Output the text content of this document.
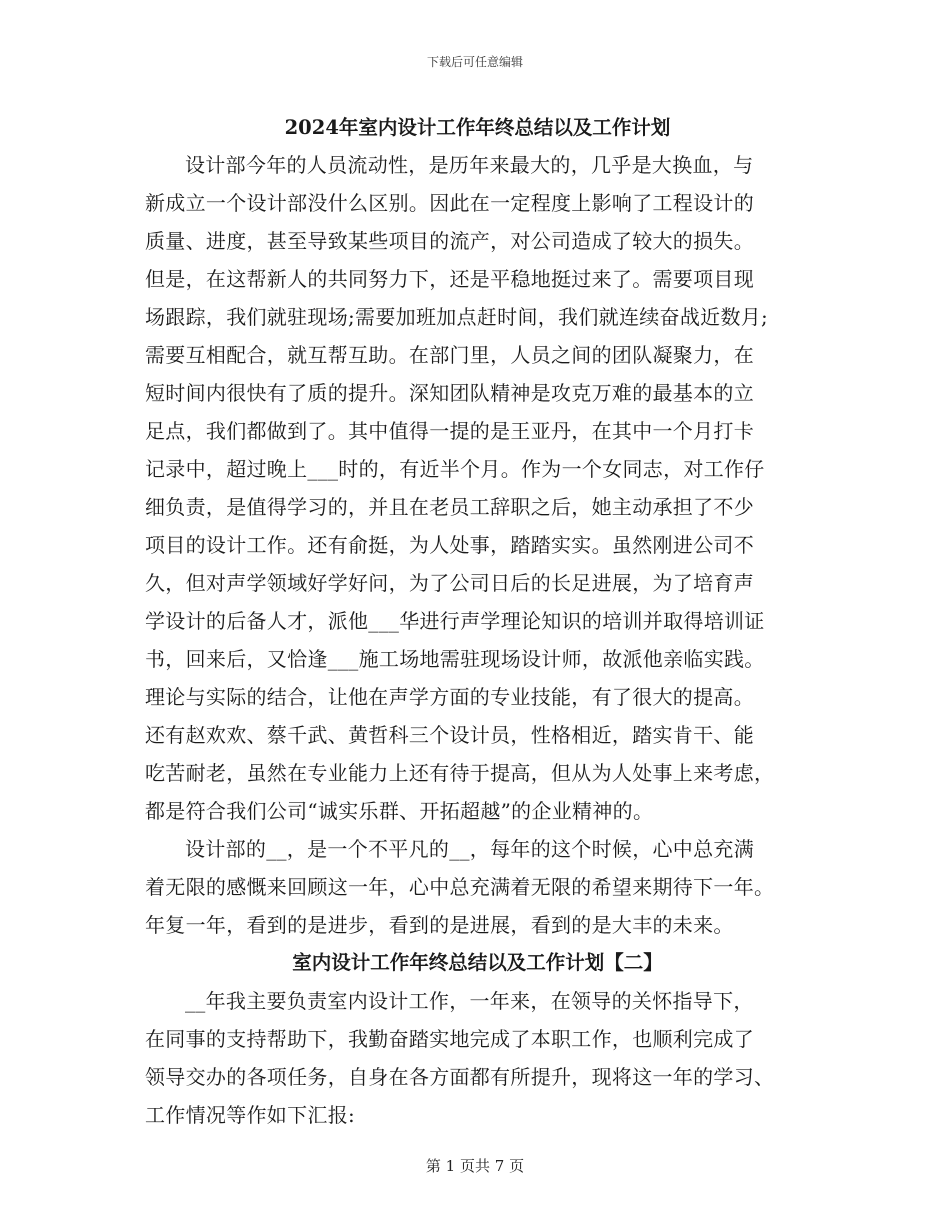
下载后可任意编辑
2024年室内设计工作年终总结以及工作计划
设计部今年的人员流动性，是历年来最大的，几乎是大换血，与
新成立一个设计部没什么区别。因此在一定程度上影响了工程设计的
质量、进度，甚至导致某些项目的流产，对公司造成了较大的损失。
但是，在这帮新人的共同努力下，还是平稳地挺过来了。需要项目现
场跟踪，我们就驻现场;需要加班加点赶时间，我们就连续奋战近数月;
需要互相配合，就互帮互助。在部门里，人员之间的团队凝聚力，在
短时间内很快有了质的提升。深知团队精神是攻克万难的最基本的立
足点，我们都做到了。其中值得一提的是王亚丹，在其中一个月打卡
记录中，超过晚上___时的，有近半个月。作为一个女同志，对工作仔
细负责，是值得学习的，并且在老员工辞职之后，她主动承担了不少
项目的设计工作。还有俞挺，为人处事，踏踏实实。虽然刚进公司不
久，但对声学领域好学好问，为了公司日后的长足进展，为了培育声
学设计的后备人才，派他___华进行声学理论知识的培训并取得培训证
书，回来后，又恰逢___施工场地需驻现场设计师，故派他亲临实践。
理论与实际的结合，让他在声学方面的专业技能，有了很大的提高。
还有赵欢欢、蔡千武、黄哲科三个设计员，性格相近，踏实肯干、能
吃苦耐老，虽然在专业能力上还有待于提高，但从为人处事上来考虑，
都是符合我们公司“诚实乐群、开拓超越”的企业精神的。
设计部的__，是一个不平凡的__，每年的这个时候，心中总充满
着无限的感慨来回顾这一年，心中总充满着无限的希望来期待下一年。
年复一年，看到的是进步，看到的是进展，看到的是大丰的未来。
室内设计工作年终总结以及工作计划【二】
__年我主要负责室内设计工作，一年来，在领导的关怀指导下，
在同事的支持帮助下，我勤奋踏实地完成了本职工作，也顺利完成了
领导交办的各项任务，自身在各方面都有所提升，现将这一年的学习、
工作情况等作如下汇报:
第 1 页共 7 页
